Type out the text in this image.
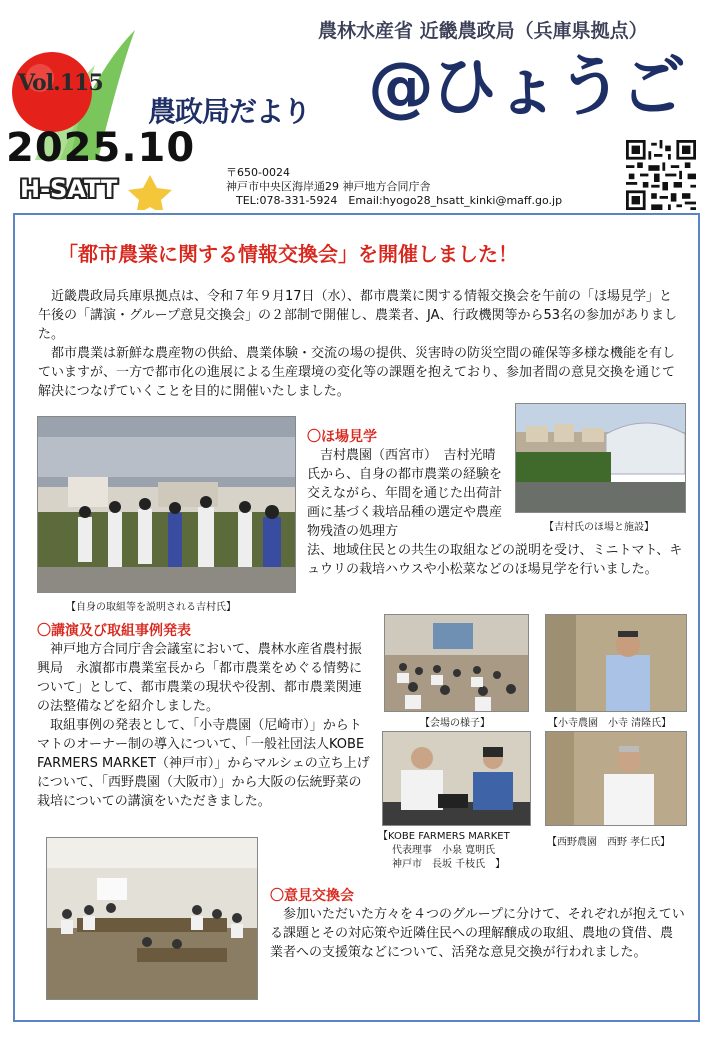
農林水産省 近畿農政局（兵庫県拠点）
Vol.115
農政局だより @ひょうご
2025.10
H-SATT
〒650-0024
神戸市中央区海岸通29 神戸地方合同庁舎
TEL:078-331-5924　Email:hyogo28_hsatt_kinki@maff.go.jp
「都市農業に関する情報交換会」を開催しました！
　近畿農政局兵庫県拠点は、令和７年９月17日（水）、都市農業に関する情報交換会を午前の「ほ場見学」と午後の「講演・グループ意見交換会」の２部制で開催し、農業者、JA、行政機関等から53名の参加がありました。
　都市農業は新鮮な農産物の供給、農業体験・交流の場の提供、災害時の防災空間の確保等多様な機能を有していますが、一方で都市化の進展による生産環境の変化等の課題を抱えており、参加者間の意見交換を通じて解決につなげていくことを目的に開催いたしました。
【自身の取組等を説明される吉村氏】
〇ほ場見学
　吉村農園（西宮市）　吉村光晴氏から、自身の都市農業の経験を交えながら、年間を通じた出荷計画に基づく栽培品種の選定や農産物残渣の処理方
法、地域住民との共生の取組などの説明を受け、ミニトマト、キュウリの栽培ハウスや小松菜などのほ場見学を行いました。
【吉村氏のほ場と施設】
〇講演及び取組事例発表
　神戸地方合同庁舎会議室において、農林水産省農村振興局　永濵都市農業室長から「都市農業をめぐる情勢について」として、都市農業の現状や役割、都市農業関連の法整備などを紹介しました。
　取組事例の発表として、「小寺農園（尼崎市）」からトマトのオーナー制の導入について、「一般社団法人KOBE FARMERS MARKET（神戸市）」からマルシェの立ち上げについて、「西野農園（大阪市）」から大阪の伝統野菜の栽培についての講演をいただきました。
【会場の様子】	【小寺農園　小寺 清隆氏】
【KOBE FARMERS MARKET
代表理事　小泉 寛明氏
神戸市　長坂 千枝氏　】
【西野農園　西野 孝仁氏】
〇意見交換会
　参加いただいた方々を４つのグループに分けて、それぞれが抱えている課題とその対応策や近隣住民への理解醸成の取組、農地の貸借、農業者への支援策などについて、活発な意見交換が行われました。
